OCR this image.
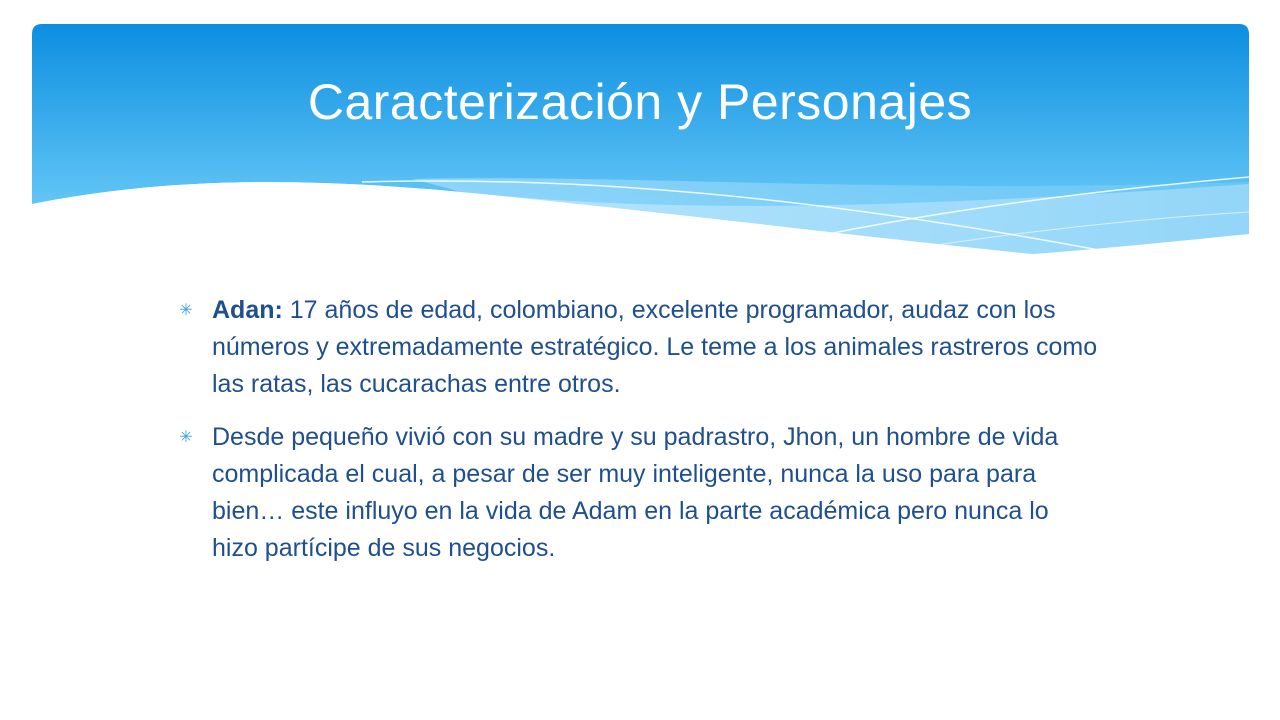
Caracterización y Personajes

✳ Adan: 17 años de edad, colombiano, excelente programador, audaz con los números y extremadamente estratégico. Le teme a los animales rastreros como las ratas, las cucarachas entre otros.

✳ Desde pequeño vivió con su madre y su padrastro, Jhon, un hombre de vida complicada el cual, a pesar de ser muy inteligente, nunca la uso para para bien… este influyo en la vida de Adam en la parte académica pero nunca lo hizo partícipe de sus negocios.
